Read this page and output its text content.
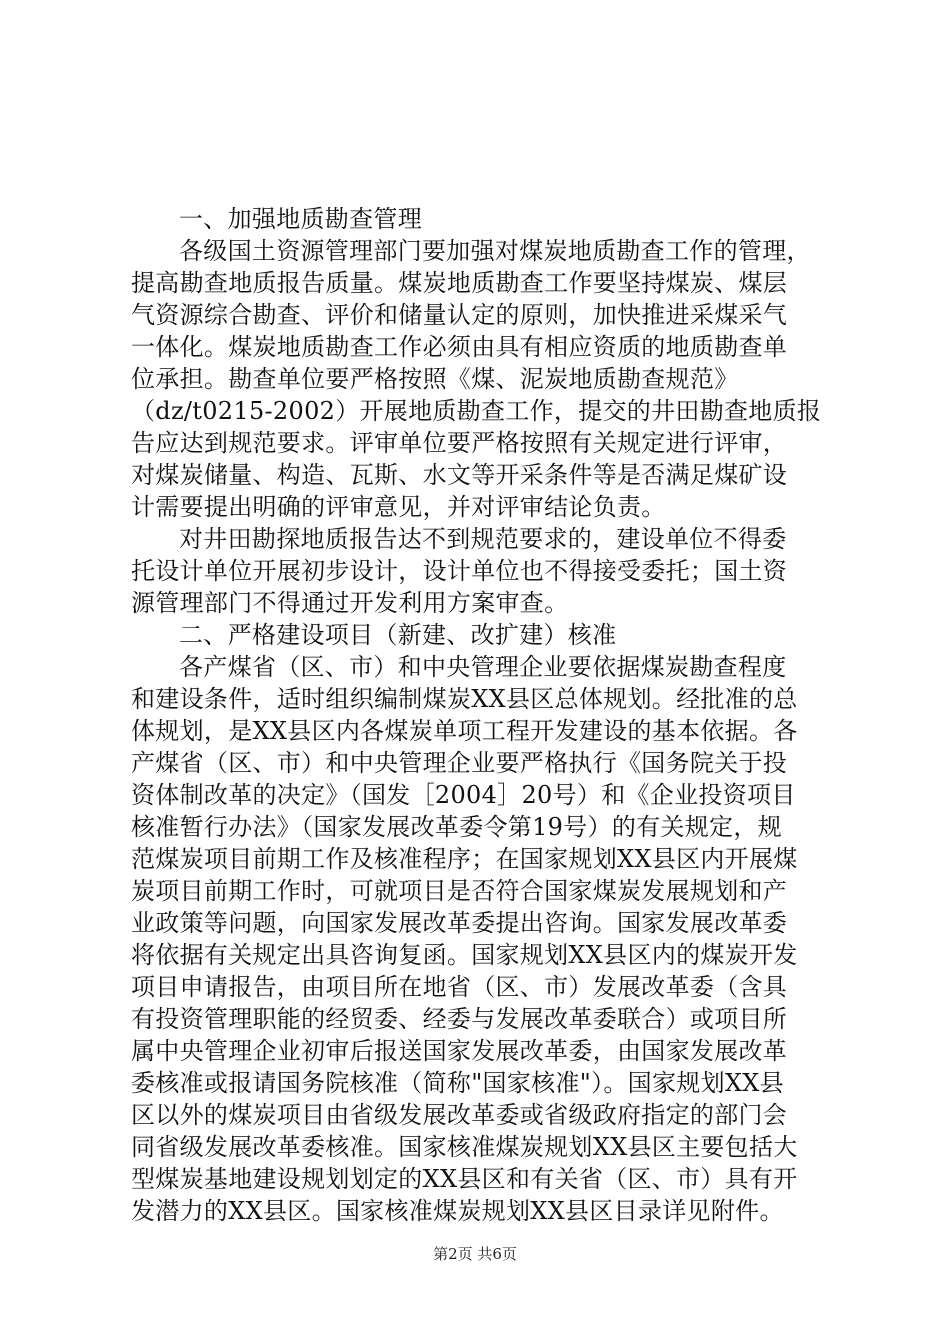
一、加强地质勘查管理
各级国土资源管理部门要加强对煤炭地质勘查工作的管理，
提高勘查地质报告质量。煤炭地质勘查工作要坚持煤炭、煤层
气资源综合勘查、评价和储量认定的原则，加快推进采煤采气
一体化。煤炭地质勘查工作必须由具有相应资质的地质勘查单
位承担。勘查单位要严格按照《煤、泥炭地质勘查规范》
（dz/t0215-2002）开展地质勘查工作，提交的井田勘查地质报
告应达到规范要求。评审单位要严格按照有关规定进行评审，
对煤炭储量、构造、瓦斯、水文等开采条件等是否满足煤矿设
计需要提出明确的评审意见，并对评审结论负责。
对井田勘探地质报告达不到规范要求的，建设单位不得委
托设计单位开展初步设计，设计单位也不得接受委托；国土资
源管理部门不得通过开发利用方案审查。
二、严格建设项目（新建、改扩建）核准
各产煤省（区、市）和中央管理企业要依据煤炭勘查程度
和建设条件，适时组织编制煤炭XX县区总体规划。经批准的总
体规划，是XX县区内各煤炭单项工程开发建设的基本依据。各
产煤省（区、市）和中央管理企业要严格执行《国务院关于投
资体制改革的决定》（国发［2004］20号）和《企业投资项目
核准暂行办法》（国家发展改革委令第19号）的有关规定，规
范煤炭项目前期工作及核准程序；在国家规划XX县区内开展煤
炭项目前期工作时，可就项目是否符合国家煤炭发展规划和产
业政策等问题，向国家发展改革委提出咨询。国家发展改革委
将依据有关规定出具咨询复函。国家规划XX县区内的煤炭开发
项目申请报告，由项目所在地省（区、市）发展改革委（含具
有投资管理职能的经贸委、经委与发展改革委联合）或项目所
属中央管理企业初审后报送国家发展改革委，由国家发展改革
委核准或报请国务院核准（简称"国家核准"）。国家规划XX县
区以外的煤炭项目由省级发展改革委或省级政府指定的部门会
同省级发展改革委核准。国家核准煤炭规划XX县区主要包括大
型煤炭基地建设规划划定的XX县区和有关省（区、市）具有开
发潜力的XX县区。国家核准煤炭规划XX县区目录详见附件。
第2页 共6页
